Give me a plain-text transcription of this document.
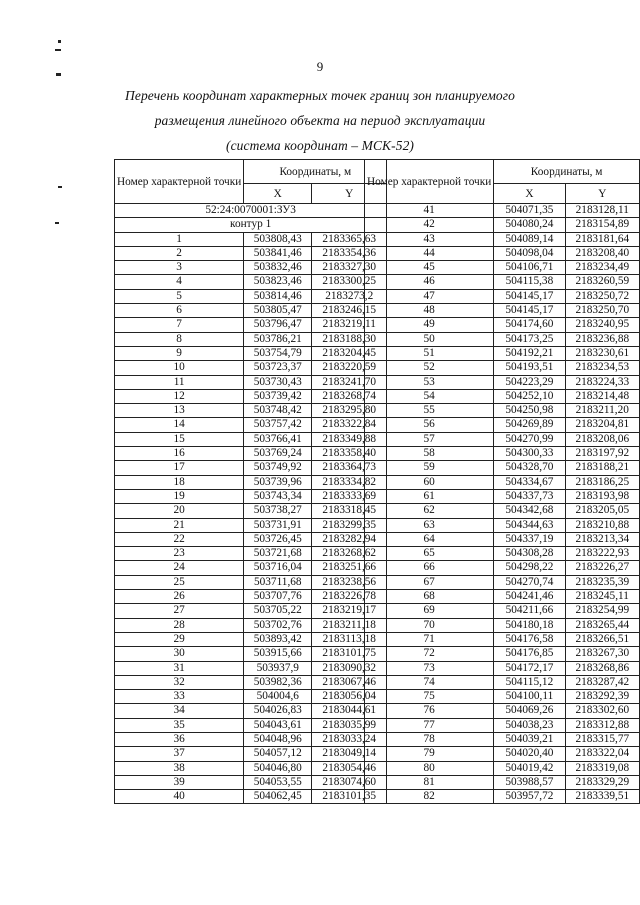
9
Перечень координат характерных точек границ зон планируемого
размещения линейного объекта на период эксплуатации
(система координат – МСК-52)
Номер характерной точки	Координаты, м	
	X	Y
52:24:0070001:ЗУ3		
контур 1		
1	503808,43	2183365,63
2	503841,46	2183354,36
3	503832,46	2183327,30
4	503823,46	2183300,25
5	503814,46	2183273,2
6	503805,47	2183246,15
7	503796,47	2183219,11
8	503786,21	2183188,30
9	503754,79	2183204,45
10	503723,37	2183220,59
11	503730,43	2183241,70
12	503739,42	2183268,74
13	503748,42	2183295,80
14	503757,42	2183322,84
15	503766,41	2183349,88
16	503769,24	2183358,40
17	503749,92	2183364,73
18	503739,96	2183334,82
19	503743,34	2183333,69
20	503738,27	2183318,45
21	503731,91	2183299,35
22	503726,45	2183282,94
23	503721,68	2183268,62
24	503716,04	2183251,66
25	503711,68	2183238,56
26	503707,76	2183226,78
27	503705,22	2183219,17
28	503702,76	2183211,18
29	503893,42	2183113,18
30	503915,66	2183101,75
31	503937,9	2183090,32
32	503982,36	2183067,46
33	504004,6	2183056,04
34	504026,83	2183044,61
35	504043,61	2183035,99
36	504048,96	2183033,24
37	504057,12	2183049,14
38	504046,80	2183054,46
39	504053,55	2183074,60
40	504062,45	2183101,35
Номер характерной точки	Координаты, м	
	X	Y
41	504071,35	2183128,11
42	504080,24	2183154,89
43	504089,14	2183181,64
44	504098,04	2183208,40
45	504106,71	2183234,49
46	504115,38	2183260,59
47	504145,17	2183250,72
48	504145,17	2183250,70
49	504174,60	2183240,95
50	504173,25	2183236,88
51	504192,21	2183230,61
52	504193,51	2183234,53
53	504223,29	2183224,33
54	504252,10	2183214,48
55	504250,98	2183211,20
56	504269,89	2183204,81
57	504270,99	2183208,06
58	504300,33	2183197,92
59	504328,70	2183188,21
60	504334,67	2183186,25
61	504337,73	2183193,98
62	504342,68	2183205,05
63	504344,63	2183210,88
64	504337,19	2183213,34
65	504308,28	2183222,93
66	504298,22	2183226,27
67	504270,74	2183235,39
68	504241,46	2183245,11
69	504211,66	2183254,99
70	504180,18	2183265,44
71	504176,58	2183266,51
72	504176,85	2183267,30
73	504172,17	2183268,86
74	504115,12	2183287,42
75	504100,11	2183292,39
76	504069,26	2183302,60
77	504038,23	2183312,88
78	504039,21	2183315,77
79	504020,40	2183322,04
80	504019,42	2183319,08
81	503988,57	2183329,29
82	503957,72	2183339,51
